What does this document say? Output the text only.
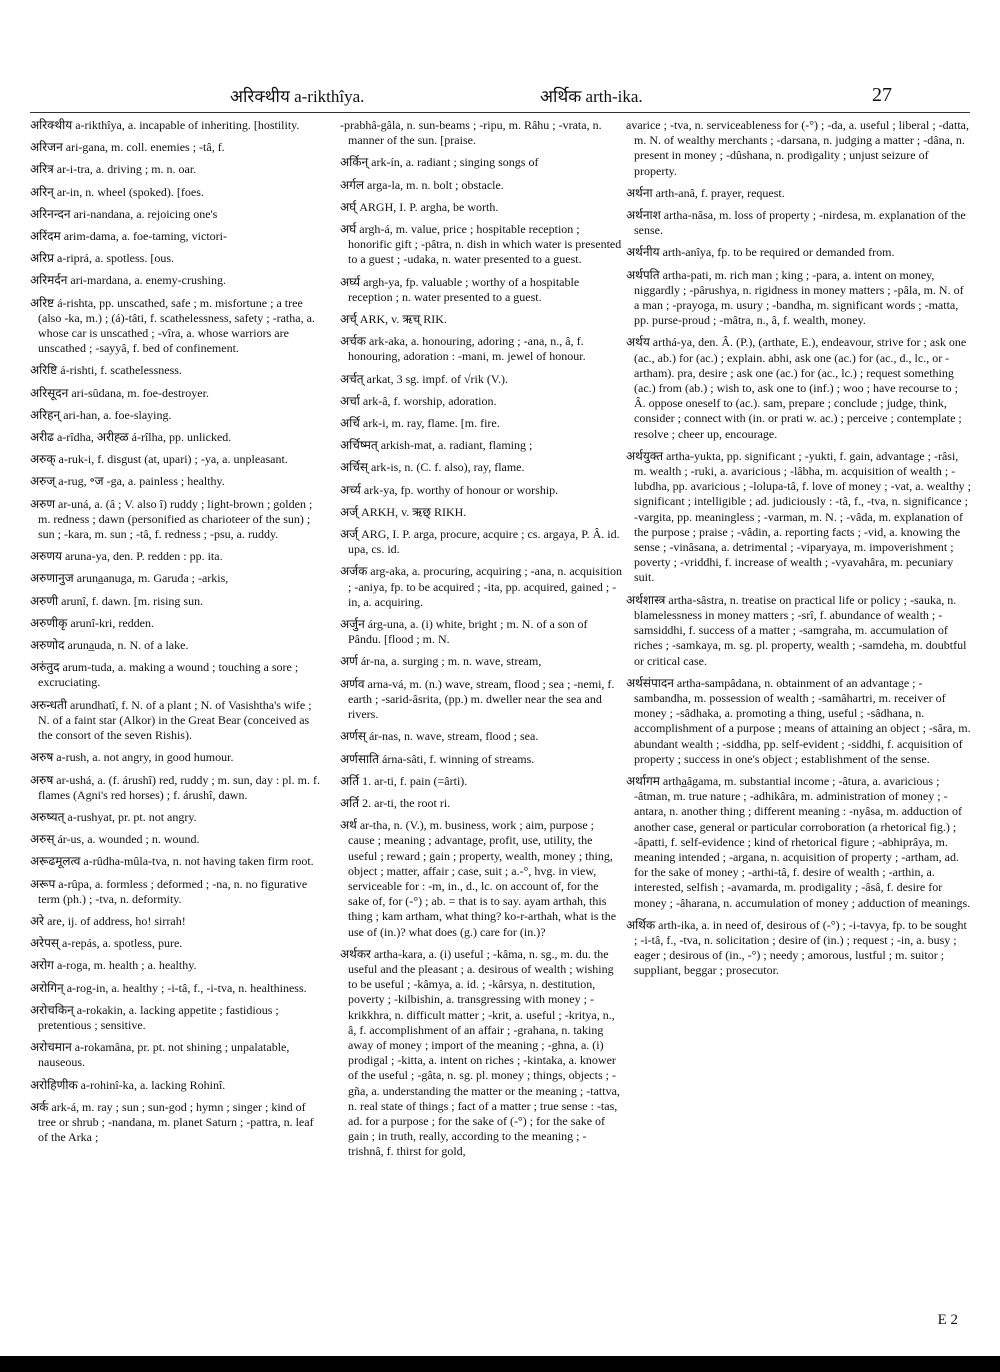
अरिक्थीय a-rikthîya.	अर्थिक arth-ika.	27

अरिक्थीय a-rikthîya, a. incapable of inheriting. [hostility.

अरिजन ari-gana, m. coll. enemies ; -tâ, f.

अरित्र ar-i-tra, a. driving ; m. n. oar.

अरिन् ar-in, n. wheel (spoked). [foes.

अरिनन्दन ari-nandana, a. rejoicing one's

अरिंदम arim-dama, a. foe-taming, victori-

अरिप्र a-riprá, a. spotless. [ous.

अरिमर्दन ari-mardana, a. enemy-crushing.

अरिष्ट á-rishta, pp. unscathed, safe ; m. misfortune ; a tree (also -ka, m.) ; (á)-tâti, f. scathelessness, safety ; -ratha, a. whose car is unscathed ; -vîra, a. whose warriors are unscathed ; -sayyâ, f. bed of confinement.

अरिष्टि á-rishti, f. scathelessness.

अरिसूदन ari-sûdana, m. foe-destroyer.

अरिहन् ari-han, a. foe-slaying.

अरीढ a-rîdha, अरीह्ळ á-rîlha, pp. unlicked.

अरुक् a-ruk-i, f. disgust (at, upari) ; -ya, a. unpleasant.

अरुज् a-rug, ॰ज -ga, a. painless ; healthy.

अरुण ar-uná, a. (â ; V. also î) ruddy ; light-brown ; golden ; m. redness ; dawn (personified as charioteer of the sun) ; sun ; -kara, m. sun ; -tâ, f. redness ; -psu, a. ruddy.

अरुणय aruna-ya, den. P. redden : pp. ita.

अरुणानुज aruna̲anuga, m. Garuda ; -arkis,

अरुणी arunî, f. dawn. [m. rising sun.

अरुणीकृ arunî-kri, redden.

अरुणोद aruna̲uda, n. N. of a lake.

अरुंतुद arum-tuda, a. making a wound ; touching a sore ; excruciating.

अरुन्धती arundhatî, f. N. of a plant ; N. of Vasishtha's wife ; N. of a faint star (Alkor) in the Great Bear (conceived as the consort of the seven Rishis).

अरुष a-rush, a. not angry, in good humour.

अरुष ar-ushá, a. (f. árushî) red, ruddy ; m. sun, day : pl. m. f. flames (Agni's red horses) ; f. árushî, dawn.

अरुष्यत् a-rushyat, pr. pt. not angry.

अरुस् ár-us, a. wounded ; n. wound.

अरूढमूलत्व a-rûdha-mûla-tva, n. not having taken firm root.

अरूप a-rûpa, a. formless ; deformed ; -na, n. no figurative term (ph.) ; -tva, n. deformity.

अरे are, ij. of address, ho! sirrah!

अरेपस् a-repás, a. spotless, pure.

अरोग a-roga, m. health ; a. healthy.

अरोगिन् a-rog-in, a. healthy ; -i-tâ, f., -i-tva, n. healthiness.

अरोचकिन् a-rokakin, a. lacking appetite ; fastidious ; pretentious ; sensitive.

अरोचमान a-rokamâna, pr. pt. not shining ; unpalatable, nauseous.

अरोहिणीक a-rohinî-ka, a. lacking Rohinî.

अर्क ark-á, m. ray ; sun ; sun-god ; hymn ; singer ; kind of tree or shrub ; -nandana, m. planet Saturn ; -pattra, n. leaf of the Arka ;

-prabhâ-gâla, n. sun-beams ; -ripu, m. Râhu ; -vrata, n. manner of the sun. [praise.

अर्किन् ark-ín, a. radiant ; singing songs of

अर्गल arga-la, m. n. bolt ; obstacle.

अर्घ् ARGH, I. P. argha, be worth.

अर्घ argh-á, m. value, price ; hospitable reception ; honorific gift ; -pâtra, n. dish in which water is presented to a guest ; -udaka, n. water presented to a guest.

अर्घ्य argh-ya, fp. valuable ; worthy of a hospitable reception ; n. water presented to a guest.

अर्च् ARK, v. ऋच् RIK.

अर्चक ark-aka, a. honouring, adoring ; -ana, n., â, f. honouring, adoration : -mani, m. jewel of honour.

अर्चत् arkat, 3 sg. impf. of √rik (V.).

अर्चा ark-â, f. worship, adoration.

अर्चि ark-i, m. ray, flame. [m. fire.

अर्चिष्मत् arkish-mat, a. radiant, flaming ;

अर्चिस् ark-is, n. (C. f. also), ray, flame.

अर्च्य ark-ya, fp. worthy of honour or worship.

अर्ज् ARKH, v. ऋछ् RIKH.

अर्ज् ARG, I. P. arga, procure, acquire ; cs. argaya, P. Â. id. upa, cs. id.

अर्जक arg-aka, a. procuring, acquiring ; -ana, n. acquisition ; -aniya, fp. to be acquired ; -ita, pp. acquired, gained ; -in, a. acquiring.

अर्जुन árg-una, a. (i) white, bright ; m. N. of a son of Pându. [flood ; m. N.

अर्ण ár-na, a. surging ; m. n. wave, stream,

अर्णव arna-vá, m. (n.) wave, stream, flood ; sea ; -nemi, f. earth ; -sarid-âsrita, (pp.) m. dweller near the sea and rivers.

अर्णस् ár-nas, n. wave, stream, flood ; sea.

अर्णसाति árna-sâti, f. winning of streams.

अर्ति 1. ar-ti, f. pain (=ârti).

अर्ति 2. ar-ti, the root ri.

अर्थ ar-tha, n. (V.), m. business, work ; aim, purpose ; cause ; meaning ; advantage, profit, use, utility, the useful ; reward ; gain ; property, wealth, money ; thing, object ; matter, affair ; case, suit ; a.-°, hvg. in view, serviceable for : -m, in., d., lc. on account of, for the sake of, for (-°) ; ab. = that is to say. ayam arthah, this thing ; kam artham, what thing? ko-r-arthah, what is the use of (in.)? what does (g.) care for (in.)?

अर्थकर artha-kara, a. (i) useful ; -kâma, n. sg., m. du. the useful and the pleasant ; a. desirous of wealth ; wishing to be useful ; -kâmya, a. id. ; -kârsya, n. destitution, poverty ; -kilbishin, a. transgressing with money ; -krikkhra, n. difficult matter ; -krit, a. useful ; -kritya, n., â, f. accomplishment of an affair ; -grahana, n. taking away of money ; import of the meaning ; -ghna, a. (i) prodigal ; -kitta, a. intent on riches ; -kintaka, a. knower of the useful ; -gâta, n. sg. pl. money ; things, objects ; -gña, a. understanding the matter or the meaning ; -tattva, n. real state of things ; fact of a matter ; true sense : -tas, ad. for a purpose ; for the sake of (-°) ; for the sake of gain ; in truth, really, according to the meaning ; -trishnâ, f. thirst for gold,

avarice ; -tva, n. serviceableness for (-°) ; -da, a. useful ; liberal ; -datta, m. N. of wealthy merchants ; -darsana, n. judging a matter ; -dâna, n. present in money ; -dûshana, n. prodigality ; unjust seizure of property.

अर्थना arth-anâ, f. prayer, request.

अर्थनाश artha-nâsa, m. loss of property ; -nirdesa, m. explanation of the sense.

अर्थनीय arth-anîya, fp. to be required or demanded from.

अर्थपति artha-pati, m. rich man ; king ; -para, a. intent on money, niggardly ; -pârushya, n. rigidness in money matters ; -pâla, m. N. of a man ; -prayoga, m. usury ; -bandha, m. significant words ; -matta, pp. purse-proud ; -mâtra, n., â, f. wealth, money.

अर्थय arthá-ya, den. Â. (P.), (arthate, E.), endeavour, strive for ; ask one (ac., ab.) for (ac.) ; explain. abhi, ask one (ac.) for (ac., d., lc., or -artham). pra, desire ; ask one (ac.) for (ac., lc.) ; request something (ac.) from (ab.) ; wish to, ask one to (inf.) ; woo ; have recourse to ; Â. oppose oneself to (ac.). sam, prepare ; conclude ; judge, think, consider ; connect with (in. or prati w. ac.) ; perceive ; contemplate ; resolve ; cheer up, encourage.

अर्थयुक्त artha-yukta, pp. significant ; -yukti, f. gain, advantage ; -râsi, m. wealth ; -ruki, a. avaricious ; -lâbha, m. acquisition of wealth ; -lubdha, pp. avaricious ; -lolupa-tâ, f. love of money ; -vat, a. wealthy ; significant ; intelligible ; ad. judiciously : -tâ, f., -tva, n. significance ; -vargita, pp. meaningless ; -varman, m. N. ; -vâda, m. explanation of the purpose ; praise ; -vâdin, a. reporting facts ; -vid, a. knowing the sense ; -vinâsana, a. detrimental ; -viparyaya, m. impoverishment ; poverty ; -vriddhi, f. increase of wealth ; -vyavahâra, m. pecuniary suit.

अर्थशास्त्र artha-sâstra, n. treatise on practical life or policy ; -sauka, n. blamelessness in money matters ; -srî, f. abundance of wealth ; -samsiddhi, f. success of a matter ; -samgraha, m. accumulation of riches ; -samkaya, m. sg. pl. property, wealth ; -samdeha, m. doubtful or critical case.

अर्थसंपादन artha-sampâdana, n. obtainment of an advantage ; -sambandha, m. possession of wealth ; -samâhartri, m. receiver of money ; -sâdhaka, a. promoting a thing, useful ; -sâdhana, n. accomplishment of a purpose ; means of attaining an object ; -sâra, m. abundant wealth ; -siddha, pp. self-evident ; -siddhi, f. acquisition of property ; success in one's object ; establishment of the sense.

अर्थागम artha̲âgama, m. substantial income ; -âtura, a. avaricious ; -âtman, m. true nature ; -adhikâra, m. administration of money ; -antara, n. another thing ; different meaning : -nyâsa, m. adduction of another case, general or particular corroboration (a rhetorical fig.) ; -âpatti, f. self-evidence ; kind of rhetorical figure ; -abhiprâya, m. meaning intended ; -argana, n. acquisition of property ; -artham, ad. for the sake of money ; -arthi-tâ, f. desire of wealth ; -arthin, a. interested, selfish ; -avamarda, m. prodigality ; -âsâ, f. desire for money ; -âharana, n. accumulation of money ; adduction of meanings.

अर्थिक arth-ika, a. in need of, desirous of (-°) ; -i-tavya, fp. to be sought ; -i-tâ, f., -tva, n. solicitation ; desire of (in.) ; request ; -in, a. busy ; eager ; desirous of (in., -°) ; needy ; amorous, lustful ; m. suitor ; suppliant, beggar ; prosecutor.

E 2
